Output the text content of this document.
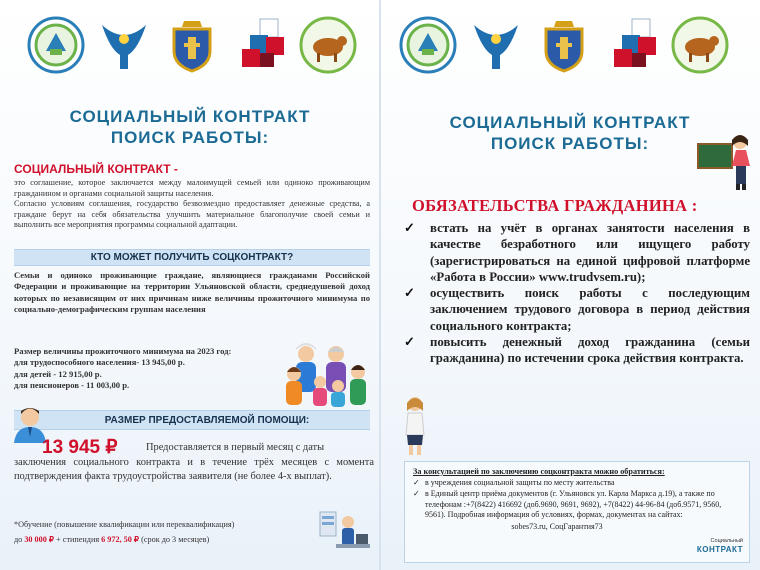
СОЦИАЛЬНЫЙ КОНТРАКТ
ПОИСК РАБОТЫ:
СОЦИАЛЬНЫЙ КОНТРАКТ -
это соглашение, которое заключается между малоимущей семьей или одиноко проживающим гражданином и органами социальной защиты населения.
Согласно условиям соглашения, государство безвозмездно предоставляет денежные средства, а граждане берут на себя обязательства улучшить материальное благополучие своей семьи и выполнить все мероприятия программы социальной адаптации.
КТО МОЖЕТ ПОЛУЧИТЬ СОЦКОНТРАКТ?
Семьи и одиноко проживающие граждане, являющиеся гражданами Российской Федерации и проживающие на территории Ульяновской области, среднедушевой доход которых по независящим от них причинам ниже величины прожиточного минимума по социально-демографическим группам населения
Размер величины прожиточного минимума на 2023 год:
для трудоспособного населения- 13 945,00 р.
для детей - 12 915,00 р.
для пенсионеров - 11 003,00 р.
РАЗМЕР ПРЕДОСТАВЛЯЕМОЙ ПОМОЩИ:
13 945 ₽	Предоставляется в первый месяц с даты
заключения социального контракта и в течение трёх месяцев с момента подтверждения факта трудоустройства заявителя (не более 4-х выплат).
*Обучение (повышение квалификации или переквалификация)
до 30 000 ₽ + стипендия 6 972, 50 ₽ (срок до 3 месяцев)
СОЦИАЛЬНЫЙ КОНТРАКТ
ПОИСК РАБОТЫ:
ОБЯЗАТЕЛЬСТВА ГРАЖДАНИНА :
✓ встать на учёт в органах занятости населения в качестве безработного или ищущего работу (зарегистрироваться на единой цифровой платформе «Работа в России» www.trudvsem.ru);
✓ осуществить поиск работы с последующим заключением трудового договора в период действия социального контракта;
✓ повысить денежный доход гражданина (семьи гражданина) по истечении срока действия контракта.
За консультацией по заключению соцконтракта можно обратиться:
✓ в учреждения социальной защиты по месту жительства
✓ в Единый центр приёма документов (г. Ульяновск ул. Карла Маркса д.19), а также по телефонам :+7(8422) 416692 (доб.9690, 9691, 9692), +7(8422) 44-96-84 (доб.9571, 9560, 9561). Подробная информация об условиях, формах, документах на сайтах:
sobes73.ru, СоцГарантия73
Социальный
КОНТРАКТ
